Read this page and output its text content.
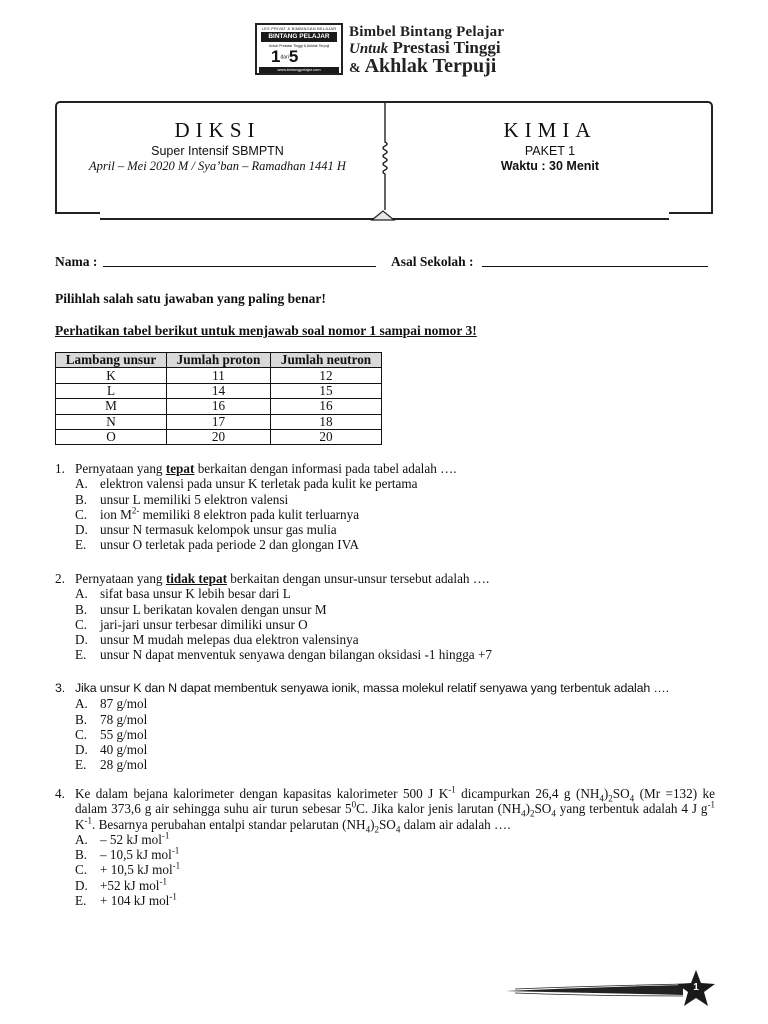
LES PRIVAT & BIMBINGAN BELAJAR
BINTANG PELAJAR
Untuk Prestasi Tinggi & Akhlak Terpuji
1dari5
www.bintangpelajar.com
Bimbel Bintang Pelajar
Untuk Prestasi Tinggi
& Akhlak Terpuji
DIKSI
Super Intensif SBMPTN
April – Mei 2020 M / Sya’ban – Ramadhan 1441 H
KIMIA
PAKET 1
Waktu : 30 Menit
Nama :	Asal Sekolah :
Pilihlah salah satu jawaban yang paling benar!
Perhatikan tabel berikut untuk menjawab soal nomor 1 sampai nomor 3!
Lambang unsur	Jumlah proton	Jumlah neutron
K	11	12
L	14	15
M	16	16
N	17	18
O	20	20
1. Pernyataan yang tepat berkaitan dengan informasi pada tabel adalah ….
A. elektron valensi pada unsur K terletak pada kulit ke pertama
B. unsur L memiliki 5 elektron valensi
C. ion $M^{2-}$ memiliki 8 elektron pada kulit terluarnya
D. unsur N termasuk kelompok unsur gas mulia
E.	unsur O terletak pada periode 2 dan glongan IVA
2. Pernyataan yang tidak tepat berkaitan dengan unsur-unsur tersebut adalah ….
A. sifat basa unsur K lebih besar dari L
B. unsur L berikatan kovalen dengan unsur M
C. jari-jari unsur terbesar dimiliki unsur O
D. unsur M mudah melepas dua elektron valensinya
E.	unsur N dapat menventuk senyawa dengan bilangan oksidasi -1 hingga +7
3. Jika unsur K dan N dapat membentuk senyawa ionik, massa molekul relatif senyawa yang terbentuk adalah ….
A. 87 g/mol
B. 78 g/mol
C. 55 g/mol
D. 40 g/mol
E.	28 g/mol
4. Ke dalam bejana kalorimeter dengan kapasitas kalorimeter 500 J $K^{-1}$ dicampurkan 26,4 g $(NH_4)_2SO_4$ (Mr =132) ke dalam 373,6 g air sehingga suhu air turun sebesar $5^0C$. Jika kalor jenis larutan $(NH_4)_2SO_4$ yang terbentuk adalah 4 J $g^{-1}$ $K^{-1}$. Besarnya perubahan entalpi standar pelarutan $(NH_4)_2SO_4$ dalam air adalah ….
A. – 52 kJ mol$^{-1}$
B. – 10,5 kJ mol$^{-1}$
C. + 10,5 kJ mol$^{-1}$
D. +52 kJ mol$^{-1}$
E.	+ 104 kJ mol$^{-1}$
1
